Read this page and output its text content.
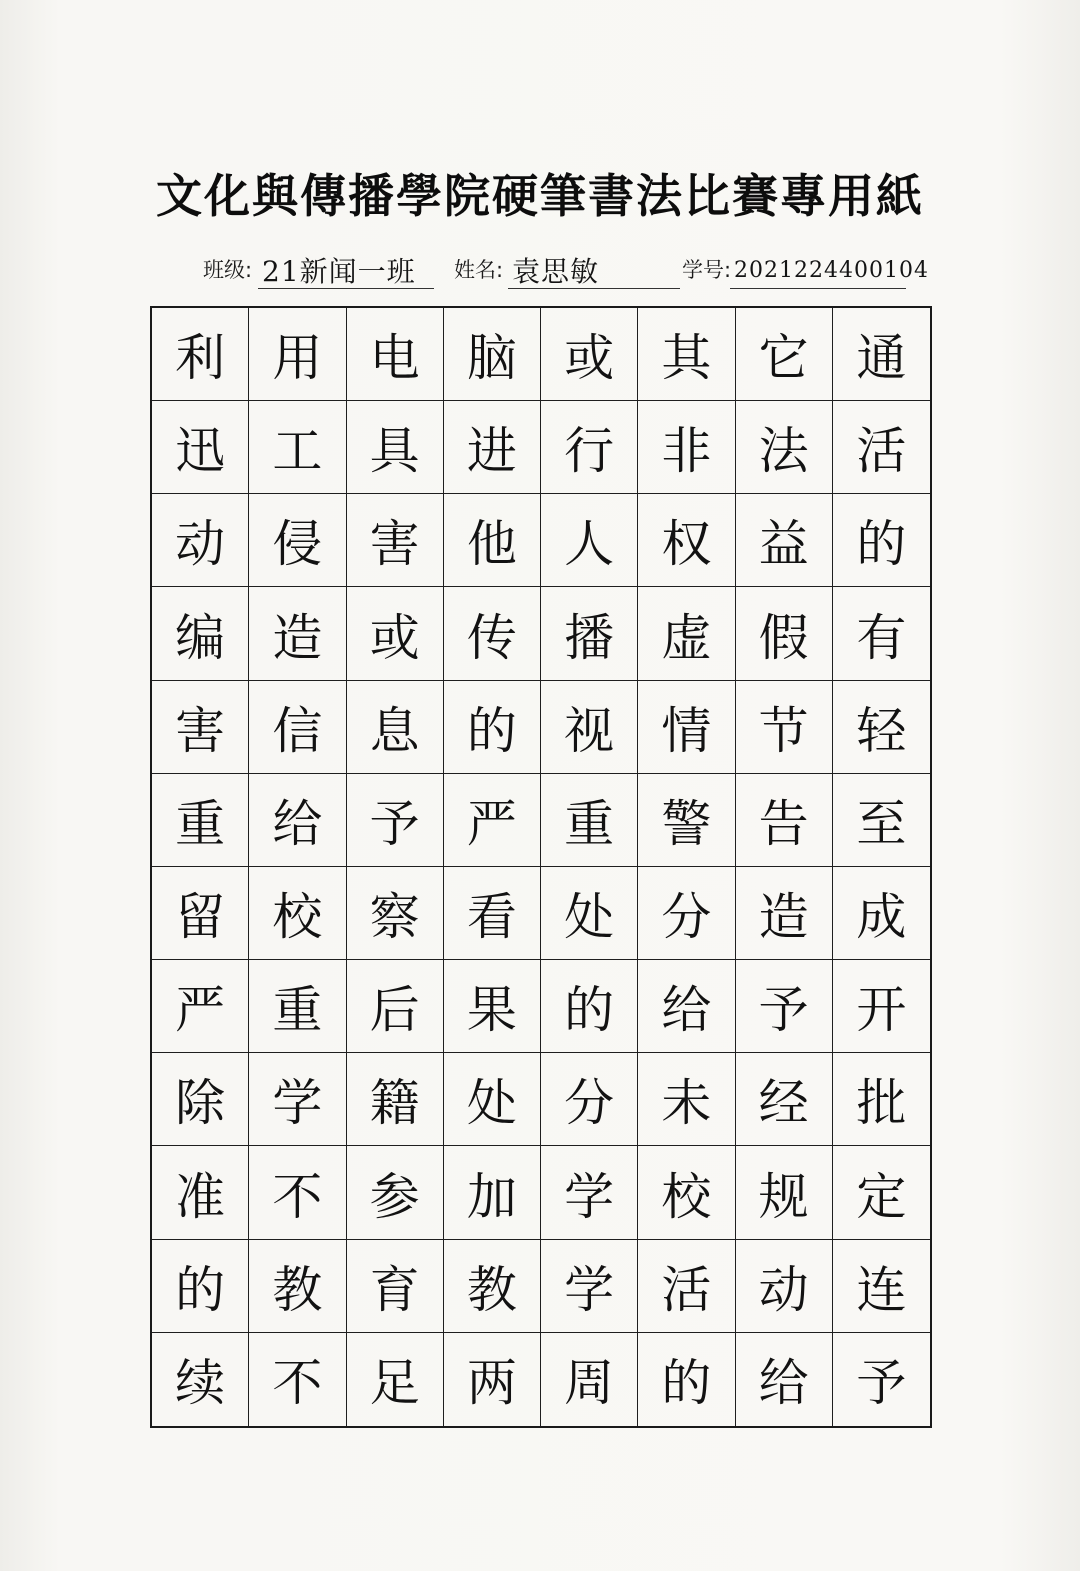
文化與傳播學院硬筆書法比賽專用紙
班级: 21新闻一班 姓名: 袁思敏	学号: 2021224400104
利 用 电 脑 或 其 它 通
迅 工 具 进 行 非 法 活
动 侵 害 他 人 权 益 的
编 造 或 传 播 虚 假 有
害 信 息 的 视 情 节 轻
重 给 予 严 重 警 告 至
留 校 察 看 处 分 造 成
严 重 后 果 的 给 予 开
除 学 籍 处 分 未 经 批
准 不 参 加 学 校 规 定
的 教 育 教 学 活 动 连
续 不 足 两 周 的 给 予
